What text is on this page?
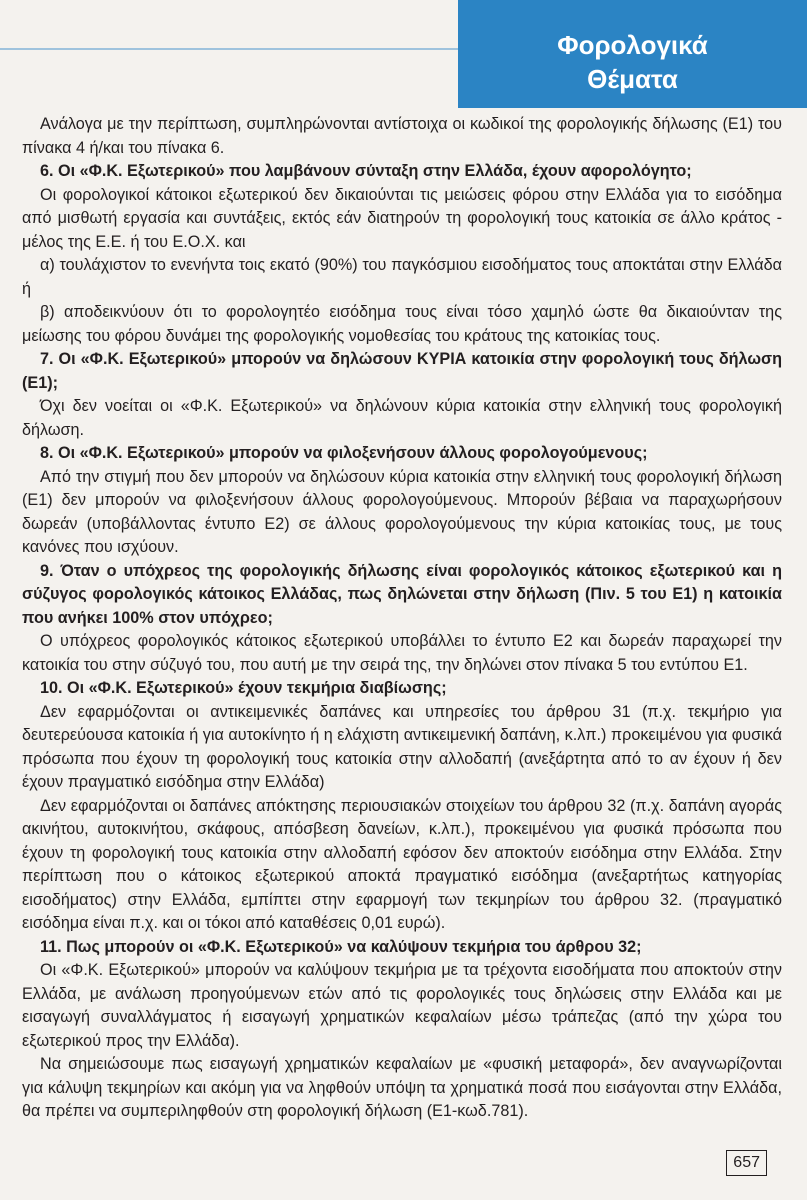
Φορολογικά
Θέματα

Ανάλογα με την περίπτωση, συμπληρώνονται αντίστοιχα οι κωδικοί της φορολογικής δήλωσης (Ε1) του πίνακα 4 ή/και του πίνακα 6.

6. Οι «Φ.Κ. Εξωτερικού» που λαμβάνουν σύνταξη στην Ελλάδα, έχουν αφορολόγητο;

Οι φορολογικοί κάτοικοι εξωτερικού δεν δικαιούνται τις μειώσεις φόρου στην Ελλάδα για το εισόδημα από μισθωτή εργασία και συντάξεις, εκτός εάν διατηρούν τη φορολογική τους κατοικία σε άλλο κράτος - μέλος της Ε.Ε. ή του Ε.Ο.Χ. και

α) τουλάχιστον το ενενήντα τοις εκατό (90%) του παγκόσμιου εισοδήματος τους αποκτάται στην Ελλάδα ή

β) αποδεικνύουν ότι το φορολογητέο εισόδημα τους είναι τόσο χαμηλό ώστε θα δικαιούνταν της μείωσης του φόρου δυνάμει της φορολογικής νομοθεσίας του κράτους της κατοικίας τους.

7. Οι «Φ.Κ. Εξωτερικού» μπορούν να δηλώσουν ΚΥΡΙΑ κατοικία στην φορολογική τους δήλωση (Ε1);

Όχι δεν νοείται οι «Φ.Κ. Εξωτερικού» να δηλώνουν κύρια κατοικία στην ελληνική τους φορολογική δήλωση.

8. Οι «Φ.Κ. Εξωτερικού» μπορούν να φιλοξενήσουν άλλους φορολογούμενους;

Από την στιγμή που δεν μπορούν να δηλώσουν κύρια κατοικία στην ελληνική τους φορολογική δήλωση (Ε1) δεν μπορούν να φιλοξενήσουν άλλους φορολογούμενους. Μπορούν βέβαια να παραχωρήσουν δωρεάν (υποβάλλοντας έντυπο Ε2) σε άλλους φορολογούμενους την κύρια κατοικίας τους, με τους κανόνες που ισχύουν.

9. Όταν ο υπόχρεος της φορολογικής δήλωσης είναι φορολογικός κάτοικος εξωτερικού και η σύζυγος φορολογικός κάτοικος Ελλάδας, πως δηλώνεται στην δήλωση (Πιν. 5 του Ε1) η κατοικία που ανήκει 100% στον υπόχρεο;

Ο υπόχρεος φορολογικός κάτοικος εξωτερικού υποβάλλει το έντυπο Ε2 και δωρεάν παραχωρεί την κατοικία του στην σύζυγό του, που αυτή με την σειρά της, την δηλώνει στον πίνακα 5 του εντύπου Ε1.

10. Οι «Φ.Κ. Εξωτερικού» έχουν τεκμήρια διαβίωσης;

Δεν εφαρμόζονται οι αντικειμενικές δαπάνες και υπηρεσίες του άρθρου 31 (π.χ. τεκμήριο για δευτερεύουσα κατοικία ή για αυτοκίνητο ή η ελάχιστη αντικειμενική δαπάνη, κ.λπ.) προκειμένου για φυσικά πρόσωπα που έχουν τη φορολογική τους κατοικία στην αλλοδαπή (ανεξάρτητα από το αν έχουν ή δεν έχουν πραγματικό εισόδημα στην Ελλάδα)

Δεν εφαρμόζονται οι δαπάνες απόκτησης περιουσιακών στοιχείων του άρθρου 32 (π.χ. δαπάνη αγοράς ακινήτου, αυτοκινήτου, σκάφους, απόσβεση δανείων, κ.λπ.), προκειμένου για φυσικά πρόσωπα που έχουν τη φορολογική τους κατοικία στην αλλοδαπή εφόσον δεν αποκτούν εισόδημα στην Ελλάδα. Στην περίπτωση που ο κάτοικος εξωτερικού αποκτά πραγματικό εισόδημα (ανεξαρτήτως κατηγορίας εισοδήματος) στην Ελλάδα, εμπίπτει στην εφαρμογή των τεκμηρίων του άρθρου 32. (πραγματικό εισόδημα είναι π.χ. και οι τόκοι από καταθέσεις 0,01 ευρώ).

11. Πως μπορούν οι «Φ.Κ. Εξωτερικού» να καλύψουν τεκμήρια του άρθρου 32;

Οι «Φ.Κ. Εξωτερικού» μπορούν να καλύψουν τεκμήρια με τα τρέχοντα εισοδήματα που αποκτούν στην Ελλάδα, με ανάλωση προηγούμενων ετών από τις φορολογικές τους δηλώσεις στην Ελλάδα και με εισαγωγή συναλλάγματος ή εισαγωγή χρηματικών κεφαλαίων μέσω τράπεζας (από την χώρα του εξωτερικού προς την Ελλάδα).

Να σημειώσουμε πως εισαγωγή χρηματικών κεφαλαίων με «φυσική μεταφορά», δεν αναγνωρίζονται για κάλυψη τεκμηρίων και ακόμη για να ληφθούν υπόψη τα χρηματικά ποσά που εισάγονται στην Ελλάδα, θα πρέπει να συμπεριληφθούν στη φορολογική δήλωση (Ε1-κωδ.781).

657
